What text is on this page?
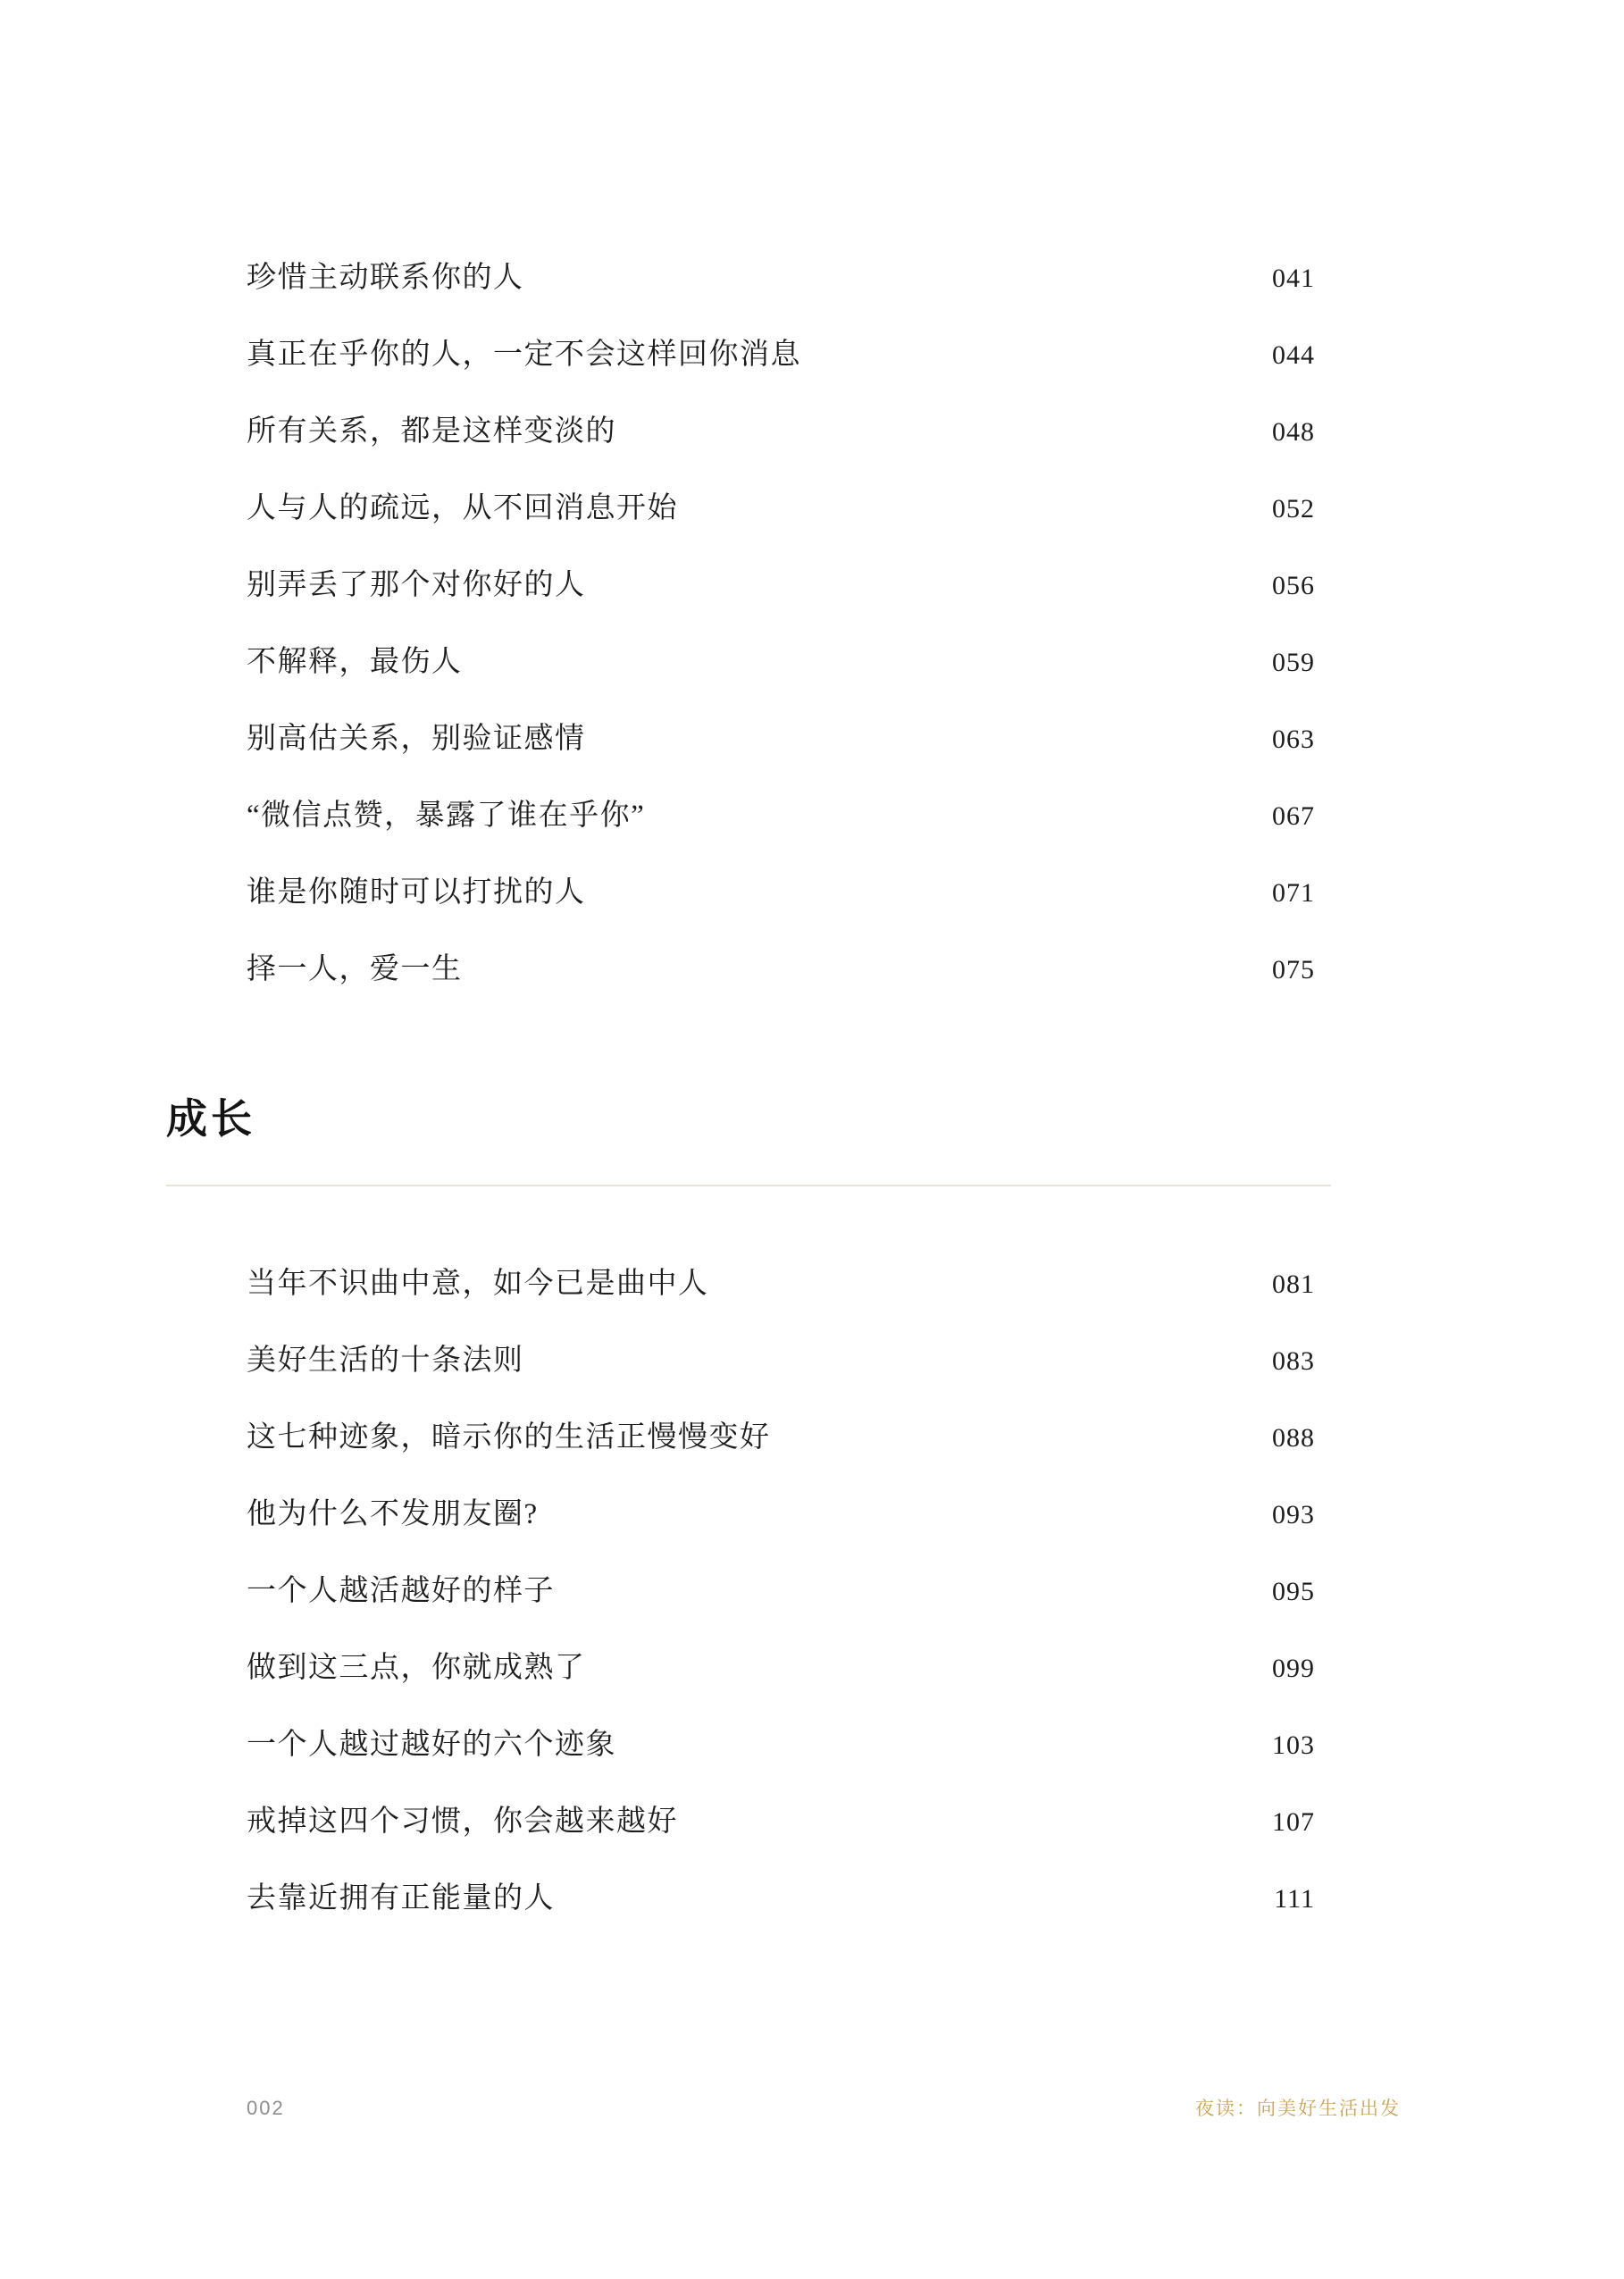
珍惜主动联系你的人	041
真正在乎你的人，一定不会这样回你消息	044
所有关系，都是这样变淡的	048
人与人的疏远，从不回消息开始	052
别弄丢了那个对你好的人	056
不解释，最伤人	059
别高估关系，别验证感情	063
“微信点赞，暴露了谁在乎你”	067
谁是你随时可以打扰的人	071
择一人，爱一生	075
成长
当年不识曲中意，如今已是曲中人	081
美好生活的十条法则	083
这七种迹象，暗示你的生活正慢慢变好	088
他为什么不发朋友圈?	093
一个人越活越好的样子	095
做到这三点，你就成熟了	099
一个人越过越好的六个迹象	103
戒掉这四个习惯，你会越来越好	107
去靠近拥有正能量的人	111
002	夜读：向美好生活出发
